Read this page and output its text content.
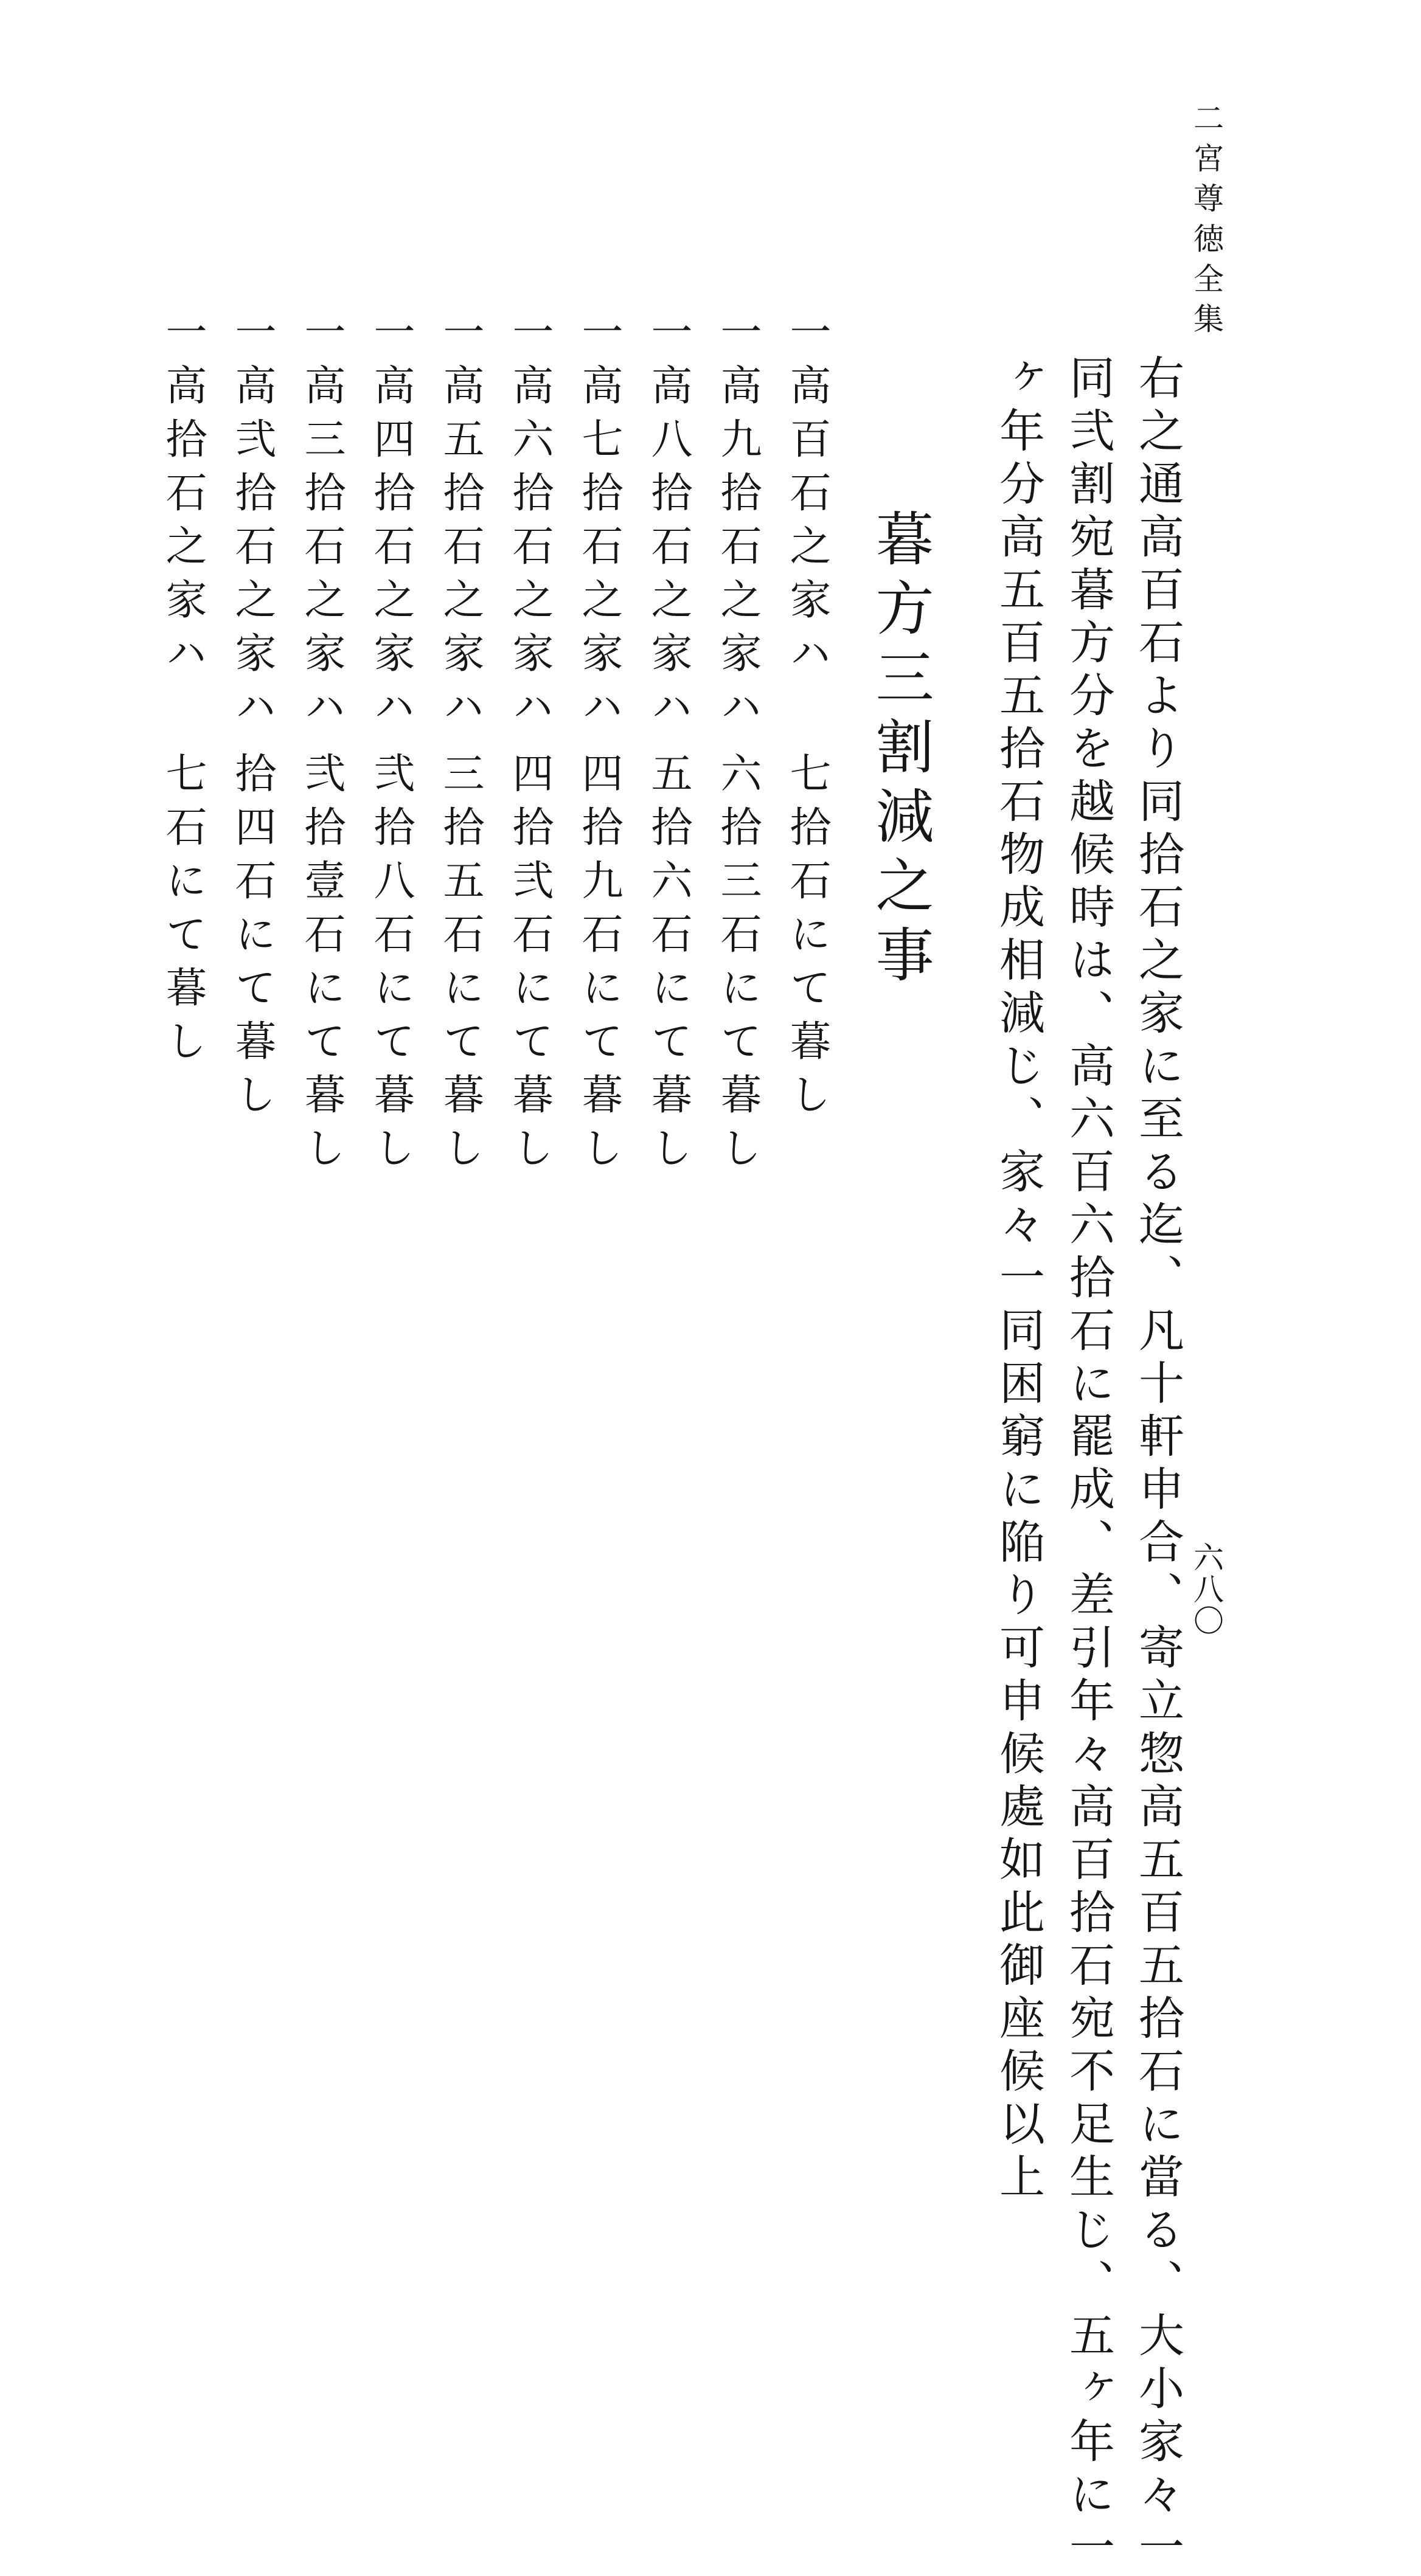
二宮尊徳全集
六八〇
右之通高百石より同拾石之家に至る迄、凡十軒申合、寄立惣高五百五拾石に當る、大小家々一
同弐割宛暮方分を越候時は、高六百六拾石に罷成、差引年々高百拾石宛不足生じ、五ヶ年に一
ヶ年分高五百五拾石物成相減じ、家々一同困窮に陥り可申候處如此御座候以上
暮方三割減之事
一高百石之家ハ
七拾石にて暮し
一高九拾石之家ハ
六拾三石にて暮し
一高八拾石之家ハ
五拾六石にて暮し
一高七拾石之家ハ
四拾九石にて暮し
一高六拾石之家ハ
四拾弐石にて暮し
一高五拾石之家ハ
三拾五石にて暮し
一高四拾石之家ハ
弐拾八石にて暮し
一高三拾石之家ハ
弐拾壹石にて暮し
一高弐拾石之家ハ
拾四石にて暮し
一高拾石之家ハ
七石にて暮し
